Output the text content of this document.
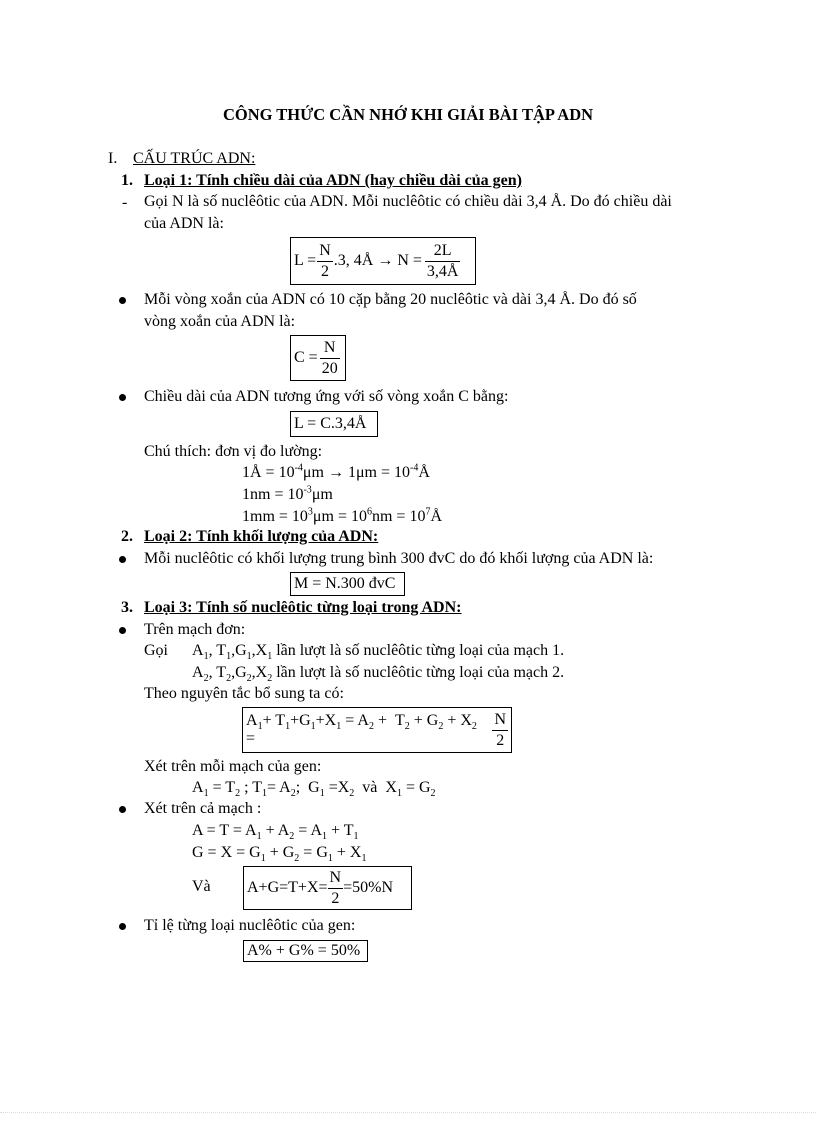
CÔNG THỨC CẦN NHỚ KHI GIẢI BÀI TẬP ADN
I. CẤU TRÚC ADN:
1. Loại 1: Tính chiều dài của ADN (hay chiều dài của gen)
- Gọi N là số nuclêôtic của ADN. Mỗi nuclêôtic có chiều dài 3,4 Å. Do đó chiều dài
của ADN là:
$L = \frac{N}{2} .3$, 4Å → $N = \frac{2L}{3,4Å}$
Mỗi vòng xoắn của ADN có 10 cặp bằng 20 nuclêôtic và dài 3,4 Å. Do đó số
vòng xoắn của ADN là:
$C = \frac{N}{20}$
Chiều dài của ADN tương ứng với số vòng xoắn C bằng:
L = C.3,4Å
Chú thích: đơn vị đo lường:
1Å = $10^{-4}\mu m \to 1\mu m$ = $10^{-4}Å$
$1nm = 10^{-3}\mu m$
$1mm = 10^3\mu m = 10^6nm$ = $10^7Å$
2. Loại 2: Tính khối lượng của ADN:
Mỗi nuclêôtic có khối lượng trung bình 300 đvC do đó khối lượng của ADN là:
M = N.300 đvC
3. Loại 3: Tính số nuclêôtic từng loại trong ADN:
Trên mạch đơn:
Gọi $A_1$, $T_1,G_1,X_1$ lần lượt là số nuclêôtic từng loại của mạch 1.
$A_2$, $T_2,G_2,X_2$ lần lượt là số nuclêôtic từng loại của mạch 2.
Theo nguyên tắc bổ sung ta có:
$A_1+ T_1+G_1+X_1 = A_2 + T_2 + G_2 + X_2$ =	$\frac{N}{2}$
Xét trên mỗi mạch của gen:
$A_1 = T_2$ ; $T_1= A_2$;  $G_1 =X_2$  và  $X_1 = G_2$
Xét trên cả mạch :
$A = T = A_1 + A_2 = A_1 + T_1$
$G = X = G_1 + G_2 = G_1 + X_1$
Và $A+G=T+X= \frac{N}{2} =50\%N$
Tỉ lệ từng loại nuclêôtic của gen:
A% + G% = 50%
